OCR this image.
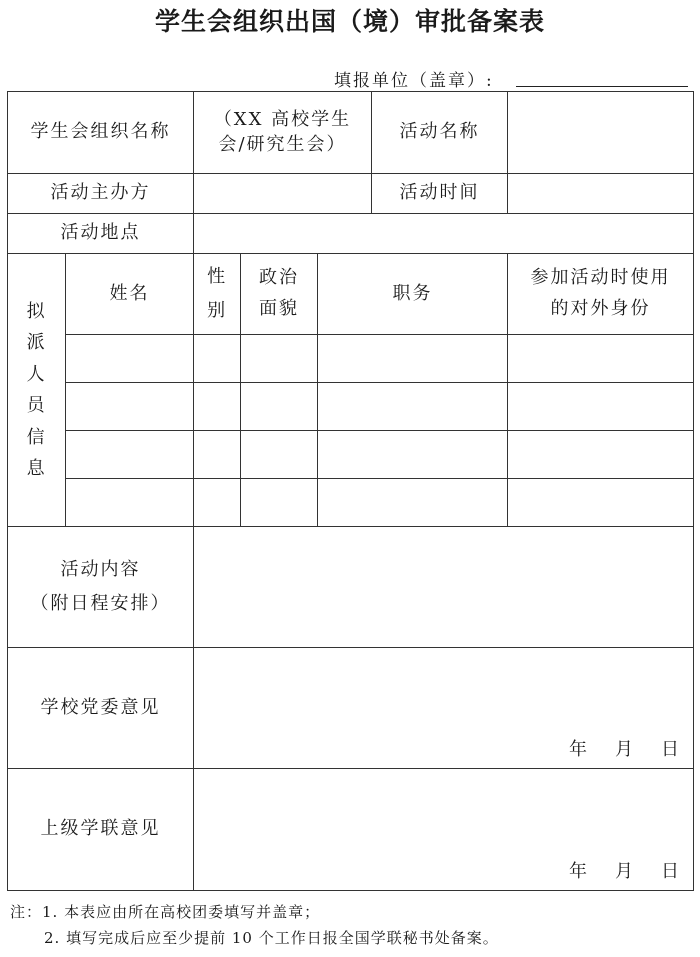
学生会组织出国（境）审批备案表
填报单位（盖章）:
学生会组织名称		（XX 高校学生会/研究生会）			活动名称	
活动主办方					活动时间	
活动地点						

拟派人员信息	姓名	性别	政治面貌	职务		参加活动时使用的对外身份

活动内容
（附日程安排）						

学校党委意见		年 月 日				

上级学联意见		年 月 日				
注：1. 本表应由所在高校团委填写并盖章；
2. 填写完成后应至少提前 10 个工作日报全国学联秘书处备案。
